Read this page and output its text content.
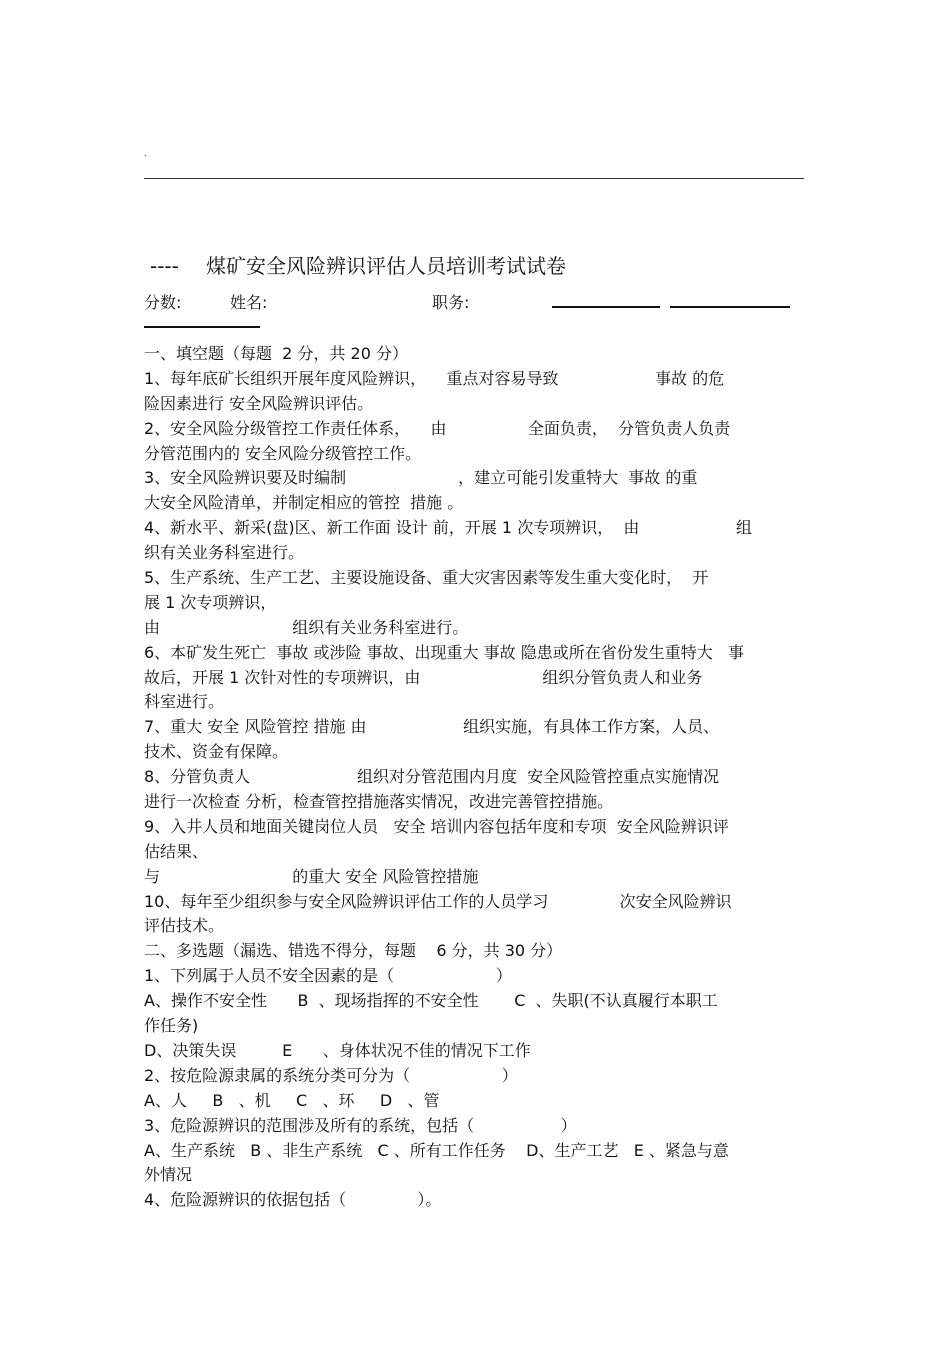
.
---- 煤矿安全风险辨识评估人员培训考试试卷
分数:	姓名:	职务:
一、填空题（每题  2 分，共 20 分）
1、每年底矿长组织开展年度风险辨识，    重点对容易导致                   事故 的危
险因素进行 安全风险辨识评估。
2、安全风险分级管控工作责任体系，    由                全面负责，  分管负责人负责
分管范围内的 安全风险分级管控工作。
3、安全风险辨识要及时编制                      ，建立可能引发重特大  事故 的重
大安全风险清单，并制定相应的管控  措施 。
4、新水平、新采(盘)区、新工作面 设计 前，开展 1 次专项辨识，  由                   组
织有关业务科室进行。
5、生产系统、生产工艺、主要设施设备、重大灾害因素等发生重大变化时，  开
展 1 次专项辨识，
由                          组织有关业务科室进行。
6、本矿发生死亡  事故 或涉险 事故、出现重大 事故 隐患或所在省份发生重特大   事
故后，开展 1 次针对性的专项辨识，由                        组织分管负责人和业务
科室进行。
7、重大 安全 风险管控 措施 由                   组织实施，有具体工作方案，人员、
技术、资金有保障。
8、分管负责人                     组织对分管范围内月度  安全风险管控重点实施情况
进行一次检查 分析，检查管控措施落实情况，改进完善管控措施。
9、入井人员和地面关键岗位人员   安全 培训内容包括年度和专项  安全风险辨识评
估结果、
与                          的重大 安全 风险管控措施
10、每年至少组织参与安全风险辨识评估工作的人员学习              次安全风险辨识
评估技术。
二、多选题（漏选、错选不得分，每题    6 分，共 30 分）
1、下列属于人员不安全因素的是（                    ）
A、操作不安全性      B  、现场指挥的不安全性       C  、失职(不认真履行本职工
作任务)
D、决策失误         E      、身体状况不佳的情况下工作
2、按危险源隶属的系统分类可分为（                  ）
A、人     B   、机     C   、环     D   、管
3、危险源辨识的范围涉及所有的系统，包括（                 ）
A、生产系统   B 、非生产系统   C 、所有工作任务    D、生产工艺   E 、紧急与意
外情况
4、危险源辨识的依据包括（              ）。
